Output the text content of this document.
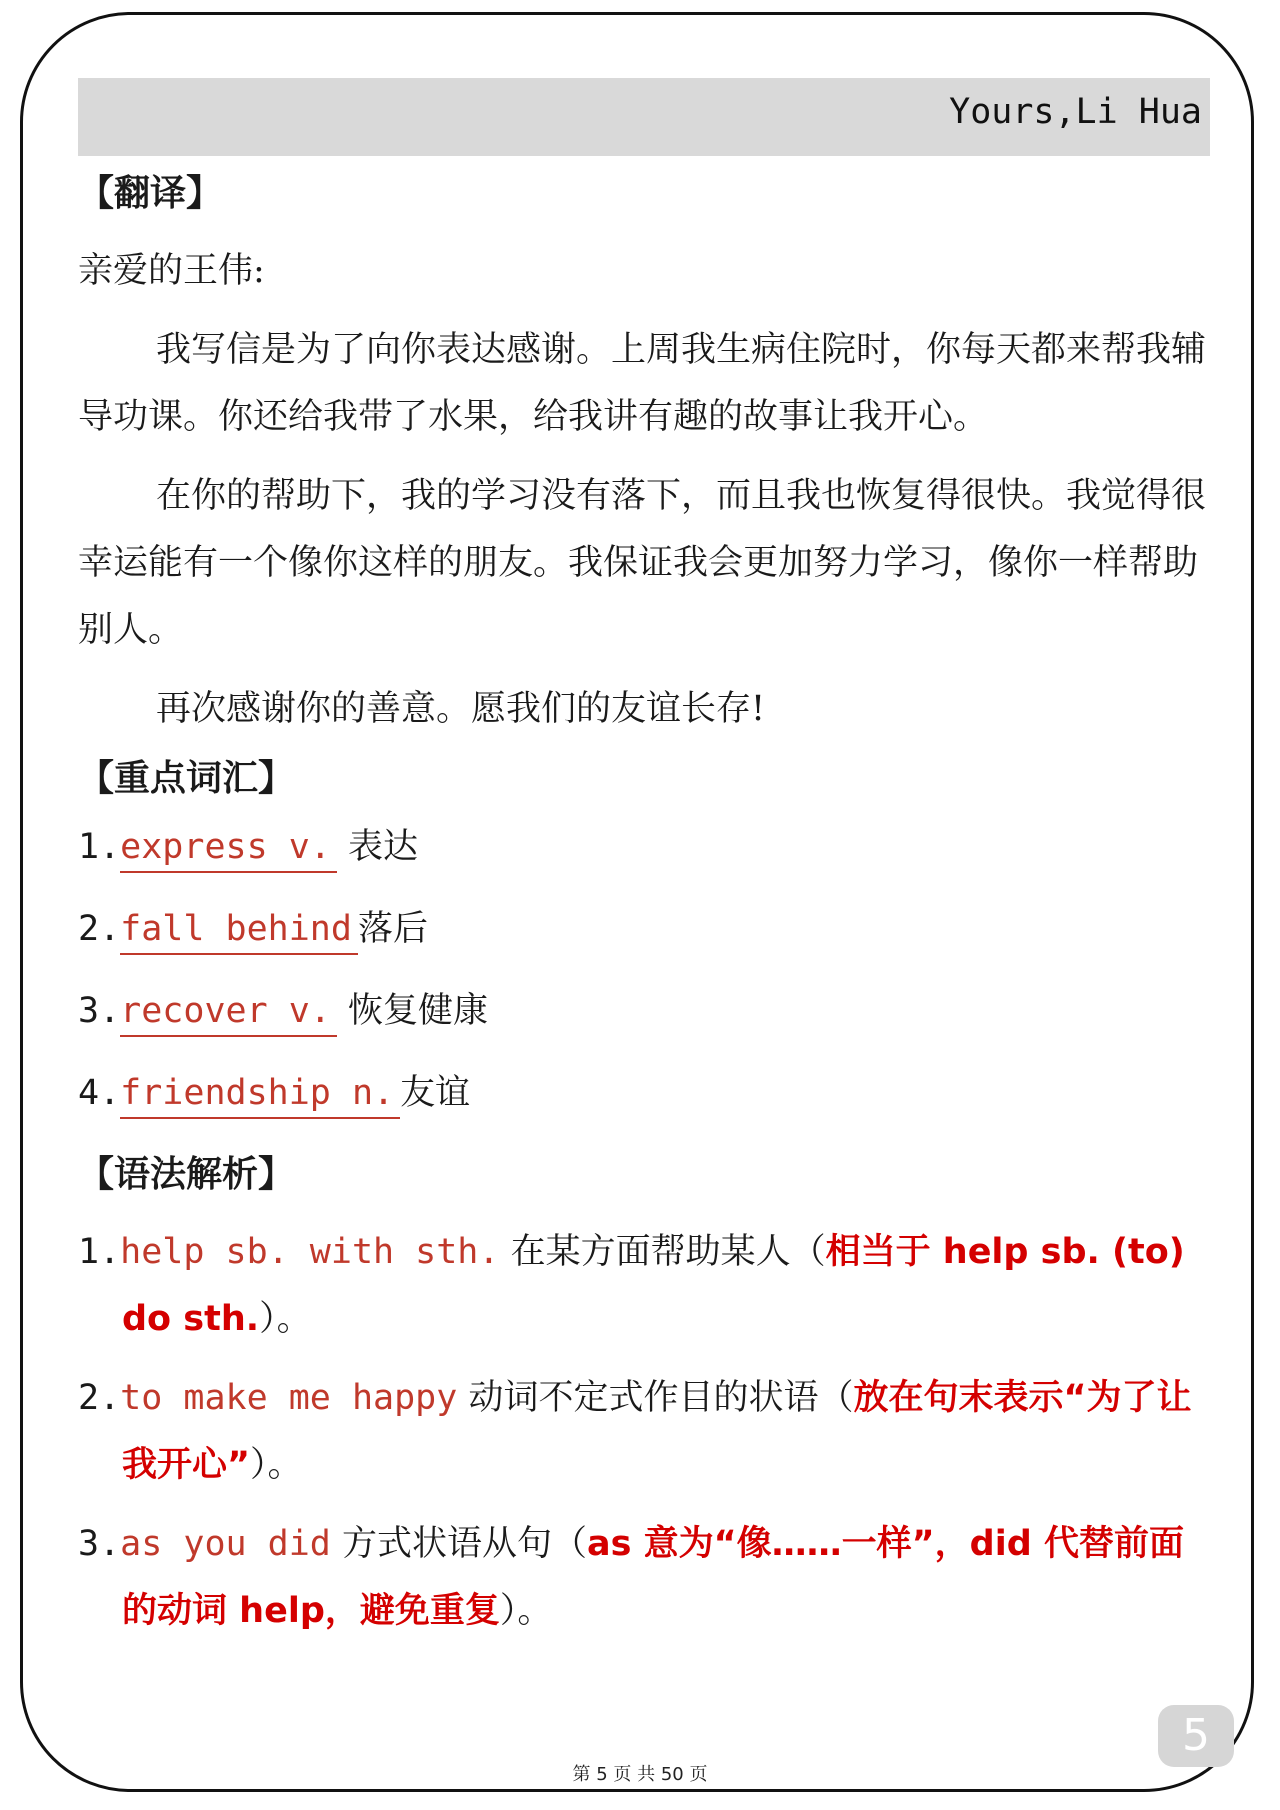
Yours,Li Hua
【翻译】

亲爱的王伟:

我写信是为了向你表达感谢。上周我生病住院时，你每天都来帮我辅导功课。你还给我带了水果，给我讲有趣的故事让我开心。

在你的帮助下，我的学习没有落下，而且我也恢复得很快。我觉得很幸运能有一个像你这样的朋友。我保证我会更加努力学习，像你一样帮助别人。

再次感谢你的善意。愿我们的友谊长存!

【重点词汇】
1.express v. 表达
2.fall behind落后
3.recover v. 恢复健康
4.friendship n.友谊
【语法解析】
1.help sb. with sth. 在某方面帮助某人（相当于 help sb. (to) do sth.）。
2.to make me happy 动词不定式作目的状语（放在句末表示“为了让我开心”）。
3.as you did 方式状语从句（as 意为“像……一样”，did 代替前面的动词 help，避免重复）。
第 5 页 共 50 页
5
